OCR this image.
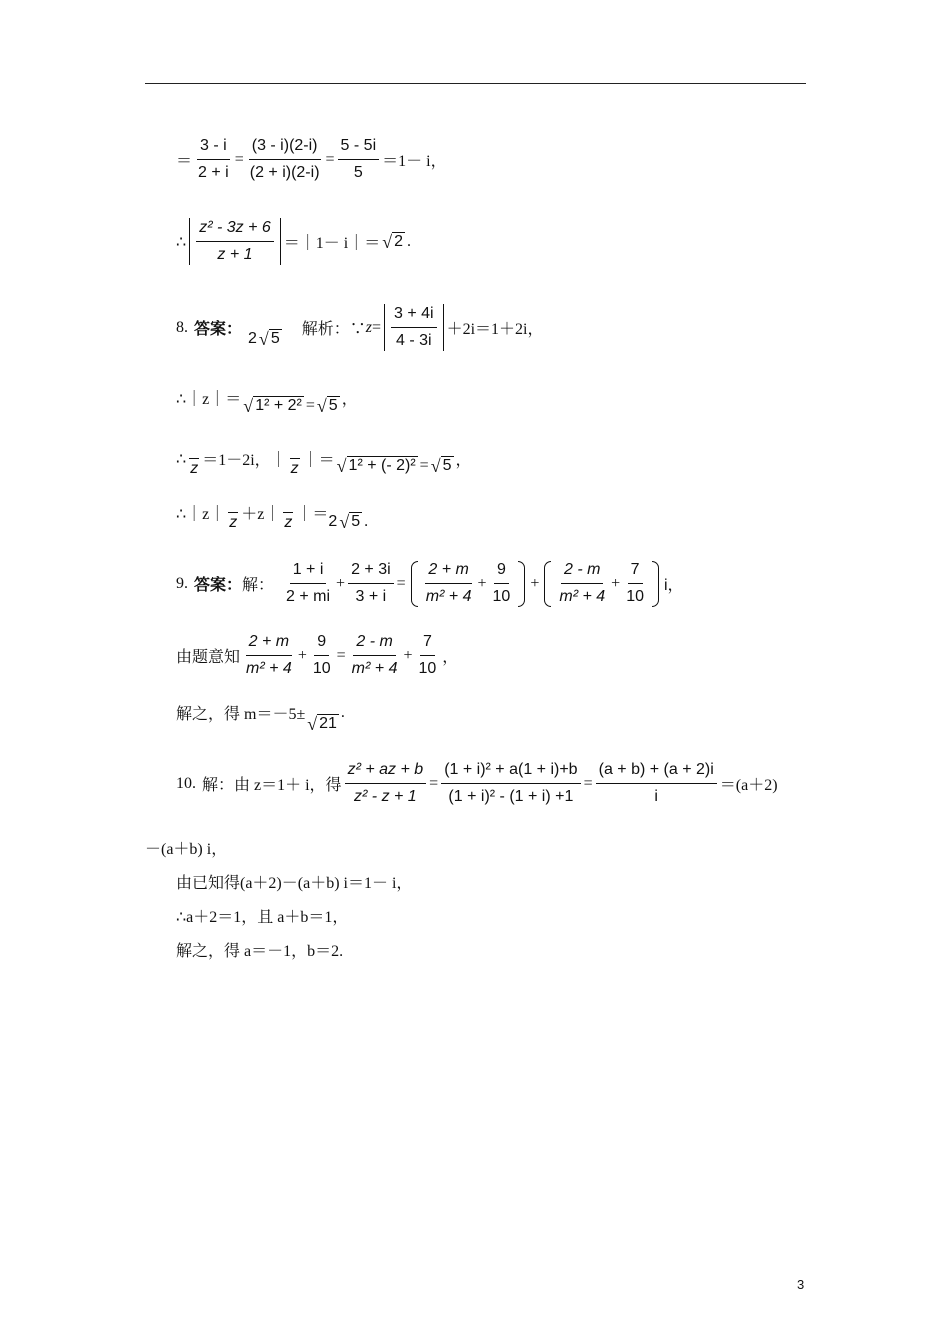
＝ $\frac{3 - i}{2 + i} = \frac{(3 - i)(2-i)}{(2 + i)(2-i)} = \frac{5 - 5i}{5} =1- i$，
∴ $\frac{\text{z² - 3z + 6}}{z + 1}$ ＝｜1－ i｜＝ √ 2 .
8. 答案： 2 √ 5
解析：∵ $z = \frac{3 + 4i}{4 - 3i} +2i=1+2i$，
∴｜z｜＝ √ 1² + 2² = √ 5 ，
∴

z ＝1－2i，｜
z ｜＝ √ 1² + (- 2)² = √ 5 ，
∴｜z｜
z ＋z｜
z ｜＝ 2 √ 5 .
9. 答案： 解： $\frac{1 + i}{2 + mi} + \frac{2 + 3i}{3 + i} = \frac{2 + m}{\text{m² + 4}} + \frac{9}{10} + \frac{2 - m}{\text{m² + 4}} + \frac{7}{10}$ i，
由题意知 $\frac{2 + m}{\text{m² + 4}} + \frac{9}{10} = \frac{2 - m}{\text{m² + 4}} + \frac{7}{10}$ ，
解之，得 m＝－5± √ 21
.
10. 解：由 z＝1＋ i，得 $\frac{\text{z² + az + b}}{\text{z² - z + 1}} = \frac{\text{(1 + i)² + a(1 + i)+b}}{\text{(1 + i)² - (1 + i) +1}} = \frac{(a + b) + (a + 2)i}{i} =(a+2)$
－(a＋b) i，
由已知得(a＋2)－(a＋b) i＝1－ i，
∴a＋2＝1，且 a＋b＝1，
解之，得 a＝－1，b＝2.
3
